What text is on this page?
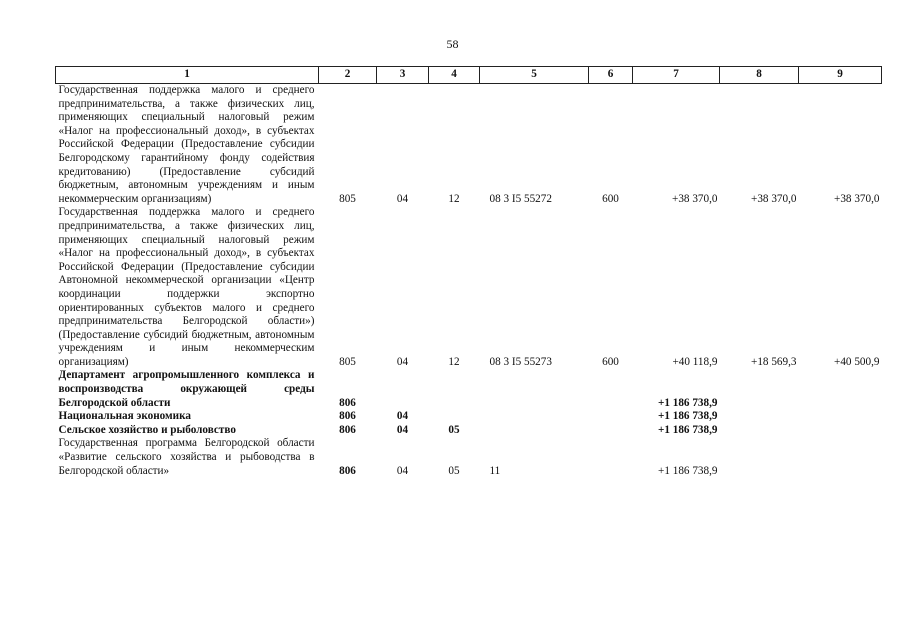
58
1	2	3	4	5	6	7	8	9
Государственная поддержка малого и среднего предпринимательства, а также физических лиц, применяющих специальный налоговый режим «Налог на профессиональный доход», в субъектах Российской Федерации (Предоставление субсидии Белгородскому гарантийному фонду содействия кредитованию) (Предоставление субсидий бюджетным, автономным учреждениям и иным некоммерческим организациям)	805	04	12	08 3 I5 55272	600	+38 370,0	+38 370,0	+38 370,0
Государственная поддержка малого и среднего предпринимательства, а также физических лиц, применяющих специальный налоговый режим «Налог на профессиональный доход», в субъектах Российской Федерации (Предоставление субсидии Автономной некоммерческой организации «Центр координации поддержки экспортно ориентированных субъектов малого и среднего предпринимательства Белгородской области») (Предоставление субсидий бюджетным, автономным учреждениям и иным некоммерческим организациям)	805	04	12	08 3 I5 55273	600	+40 118,9	+18 569,3	+40 500,9
Департамент агропромышленного комплекса и воспроизводства окружающей среды Белгородской области	806					+1 186 738,9		
Национальная экономика	806	04				+1 186 738,9		
Сельское хозяйство и рыболовство	806	04	05			+1 186 738,9		
Государственная программа Белгородской области «Развитие сельского хозяйства и рыбоводства в Белгородской области»	806	04	05	11		+1 186 738,9		
